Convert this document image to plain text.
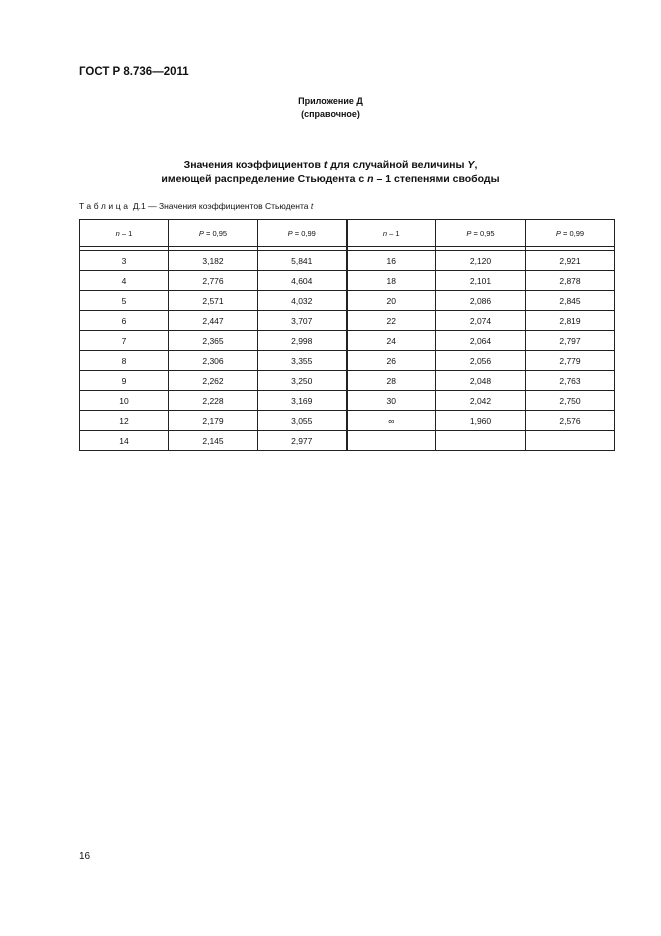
ГОСТ Р 8.736—2011
Приложение Д
(справочное)
Значения коэффициентов t для случайной величины Y,
имеющей распределение Стьюдента с n – 1 степенями свободы
Таблица Д.1 — Значения коэффициентов Стьюдента t
n – 1	P = 0,95	P = 0,99	n – 1	P = 0,95	P = 0,99

3	3,182	5,841	16	2,120	2,921
4	2,776	4,604	18	2,101	2,878
5	2,571	4,032	20	2,086	2,845
6	2,447	3,707	22	2,074	2,819
7	2,365	2,998	24	2,064	2,797
8	2,306	3,355	26	2,056	2,779
9	2,262	3,250	28	2,048	2,763
10	2,228	3,169	30	2,042	2,750
12	2,179	3,055	∞	1,960	2,576
14	2,145	2,977			
16
